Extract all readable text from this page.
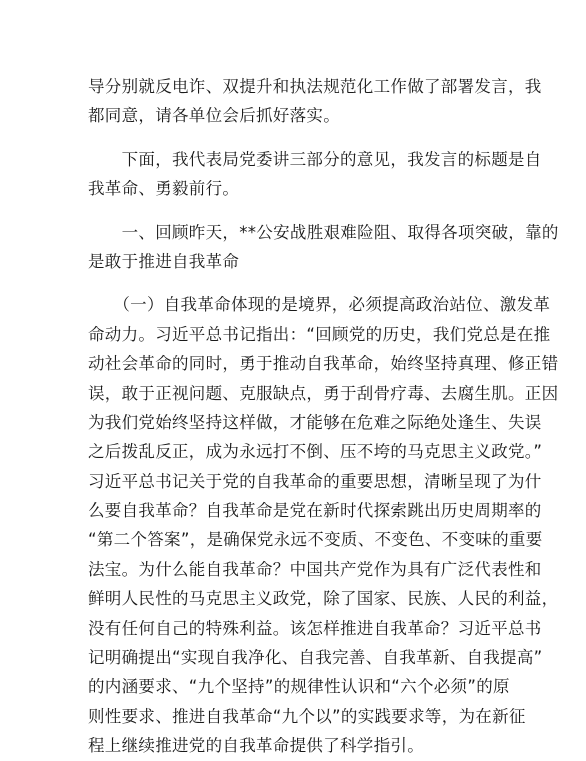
导分别就反电诈、双提升和执法规范化工作做了部署发言，我
都同意，请各单位会后抓好落实。
　　下面，我代表局党委讲三部分的意见，我发言的标题是自
我革命、勇毅前行。
　　一、回顾昨天，**公安战胜艰难险阻、取得各项突破，靠的
是敢于推进自我革命
　　（一）自我革命体现的是境界，必须提高政治站位、激发革
命动力。习近平总书记指出：“回顾党的历史，我们党总是在推
动社会革命的同时，勇于推动自我革命，始终坚持真理、修正错
误，敢于正视问题、克服缺点，勇于刮骨疗毒、去腐生肌。正因
为我们党始终坚持这样做，才能够在危难之际绝处逢生、失误
之后拨乱反正，成为永远打不倒、压不垮的马克思主义政党。”
习近平总书记关于党的自我革命的重要思想，清晰呈现了为什
么要自我革命？自我革命是党在新时代探索跳出历史周期率的
“第二个答案”，是确保党永远不变质、不变色、不变味的重要
法宝。为什么能自我革命？中国共产党作为具有广泛代表性和
鲜明人民性的马克思主义政党，除了国家、民族、人民的利益，
没有任何自己的特殊利益。该怎样推进自我革命？习近平总书
记明确提出“实现自我净化、自我完善、自我革新、自我提高”
的内涵要求、“九个坚持”的规律性认识和“六个必须”的原
则性要求、推进自我革命“九个以”的实践要求等，为在新征
程上继续推进党的自我革命提供了科学指引。
